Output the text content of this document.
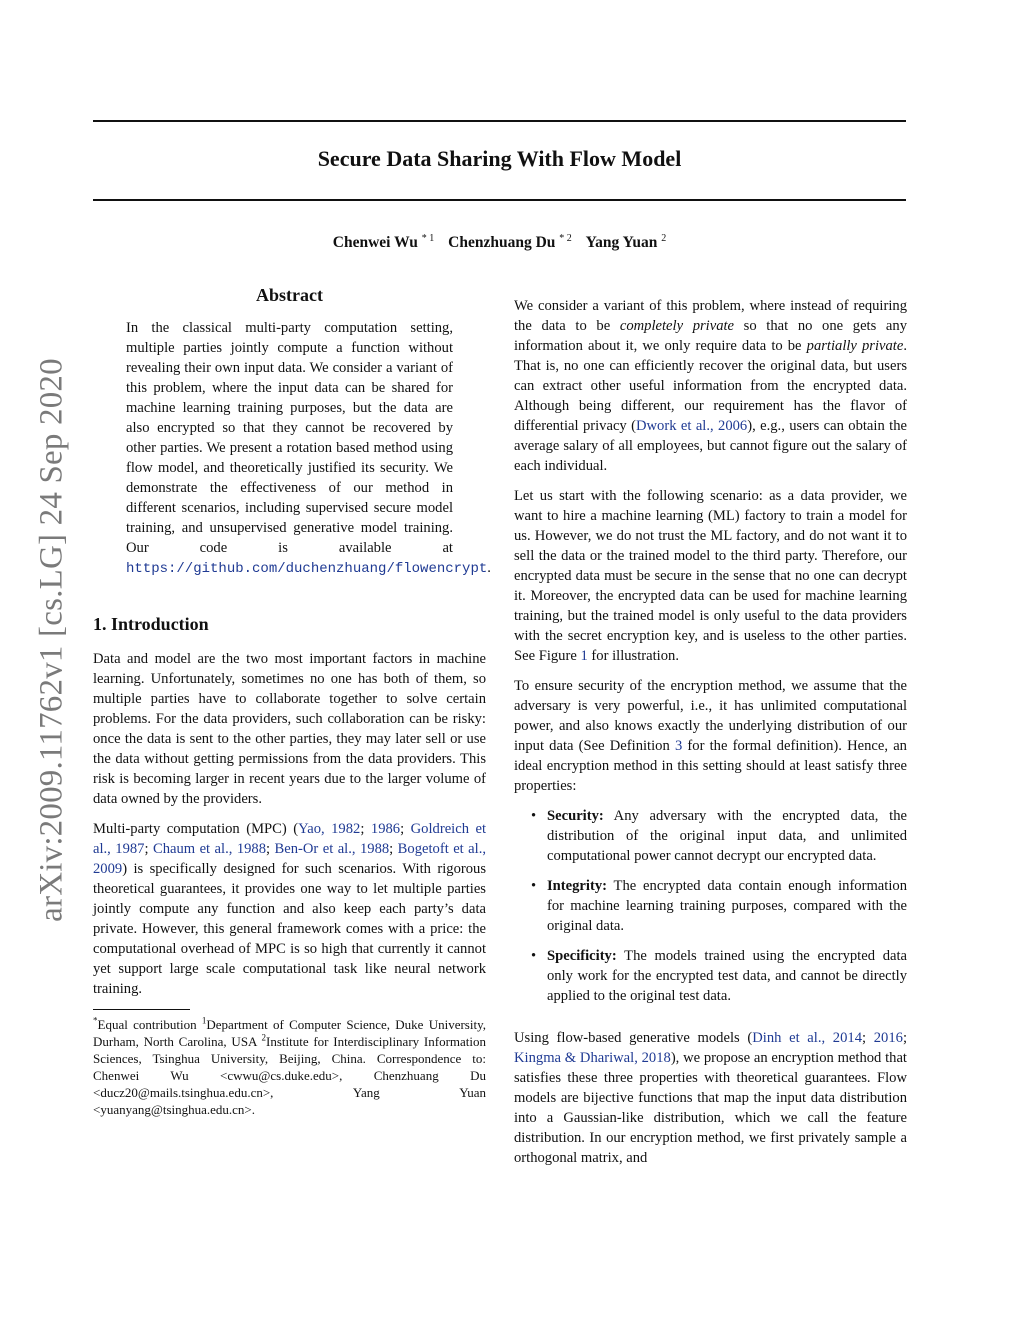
arXiv:2009.11762v1 [cs.LG] 24 Sep 2020
Secure Data Sharing With Flow Model
Chenwei Wu $^{* 1}$ Chenzhuang Du $^{* 2}$ Yang Yuan $^2$
Abstract
In the classical multi-party computation setting, multiple parties jointly compute a function without revealing their own input data. We consider a variant of this problem, where the input data can be shared for machine learning training purposes, but the data are also encrypted so that they cannot be recovered by other parties. We present a rotation based method using flow model, and theoretically justified its security. We demonstrate the effectiveness of our method in different scenarios, including supervised secure model training, and unsupervised generative model training. Our code is available at https://github.com/duchenzhuang/flowencrypt.
1. Introduction

Data and model are the two most important factors in machine learning. Unfortunately, sometimes no one has both of them, so multiple parties have to collaborate together to solve certain problems. For the data providers, such collaboration can be risky: once the data is sent to the other parties, they may later sell or use the data without getting permissions from the data providers. This risk is becoming larger in recent years due to the larger volume of data owned by the providers.

Multi-party computation (MPC) (Yao, 1982; 1986; Goldreich et al., 1987; Chaum et al., 1988; Ben-Or et al., 1988; Bogetoft et al., 2009) is specifically designed for such scenarios. With rigorous theoretical guarantees, it provides one way to let multiple parties jointly compute any function and also keep each party’s data private. However, this general framework comes with a price: the computational overhead of MPC is so high that currently it cannot yet support large scale computational task like neural network training.

*Equal contribution $^1$Department of Computer Science, Duke University, Durham, North Carolina, USA $^2$Institute for Interdisciplinary Information Sciences, Tsinghua University, Beijing, China. Correspondence to: Chenwei Wu <cwwu@cs.duke.edu>, Chenzhuang Du <ducz20@mails.tsinghua.edu.cn>, Yang Yuan <yuanyang@tsinghua.edu.cn>.

We consider a variant of this problem, where instead of requiring the data to be completely private so that no one gets any information about it, we only require data to be partially private. That is, no one can efficiently recover the original data, but users can extract other useful information from the encrypted data. Although being different, our requirement has the flavor of differential privacy (Dwork et al., 2006), e.g., users can obtain the average salary of all employees, but cannot figure out the salary of each individual.

Let us start with the following scenario: as a data provider, we want to hire a machine learning (ML) factory to train a model for us. However, we do not trust the ML factory, and do not want it to sell the data or the trained model to the third party. Therefore, our encrypted data must be secure in the sense that no one can decrypt it. Moreover, the encrypted data can be used for machine learning training, but the trained model is only useful to the data providers with the secret encryption key, and is useless to the other parties. See Figure 1 for illustration.

To ensure security of the encryption method, we assume that the adversary is very powerful, i.e., it has unlimited computational power, and also knows exactly the underlying distribution of our input data (See Definition 3 for the formal definition). Hence, an ideal encryption method in this setting should at least satisfy three properties:

• Security: Any adversary with the encrypted data, the distribution of the original input data, and unlimited computational power cannot decrypt our encrypted data.
• Integrity: The encrypted data contain enough information for machine learning training purposes, compared with the original data.
• Specificity: The models trained using the encrypted data only work for the encrypted test data, and cannot be directly applied to the original test data.

Using flow-based generative models (Dinh et al., 2014; 2016; Kingma & Dhariwal, 2018), we propose an encryption method that satisfies these three properties with theoretical guarantees. Flow models are bijective functions that map the input data distribution into a Gaussian-like distribution, which we call the feature distribution. In our encryption method, we first privately sample a orthogonal matrix, and
